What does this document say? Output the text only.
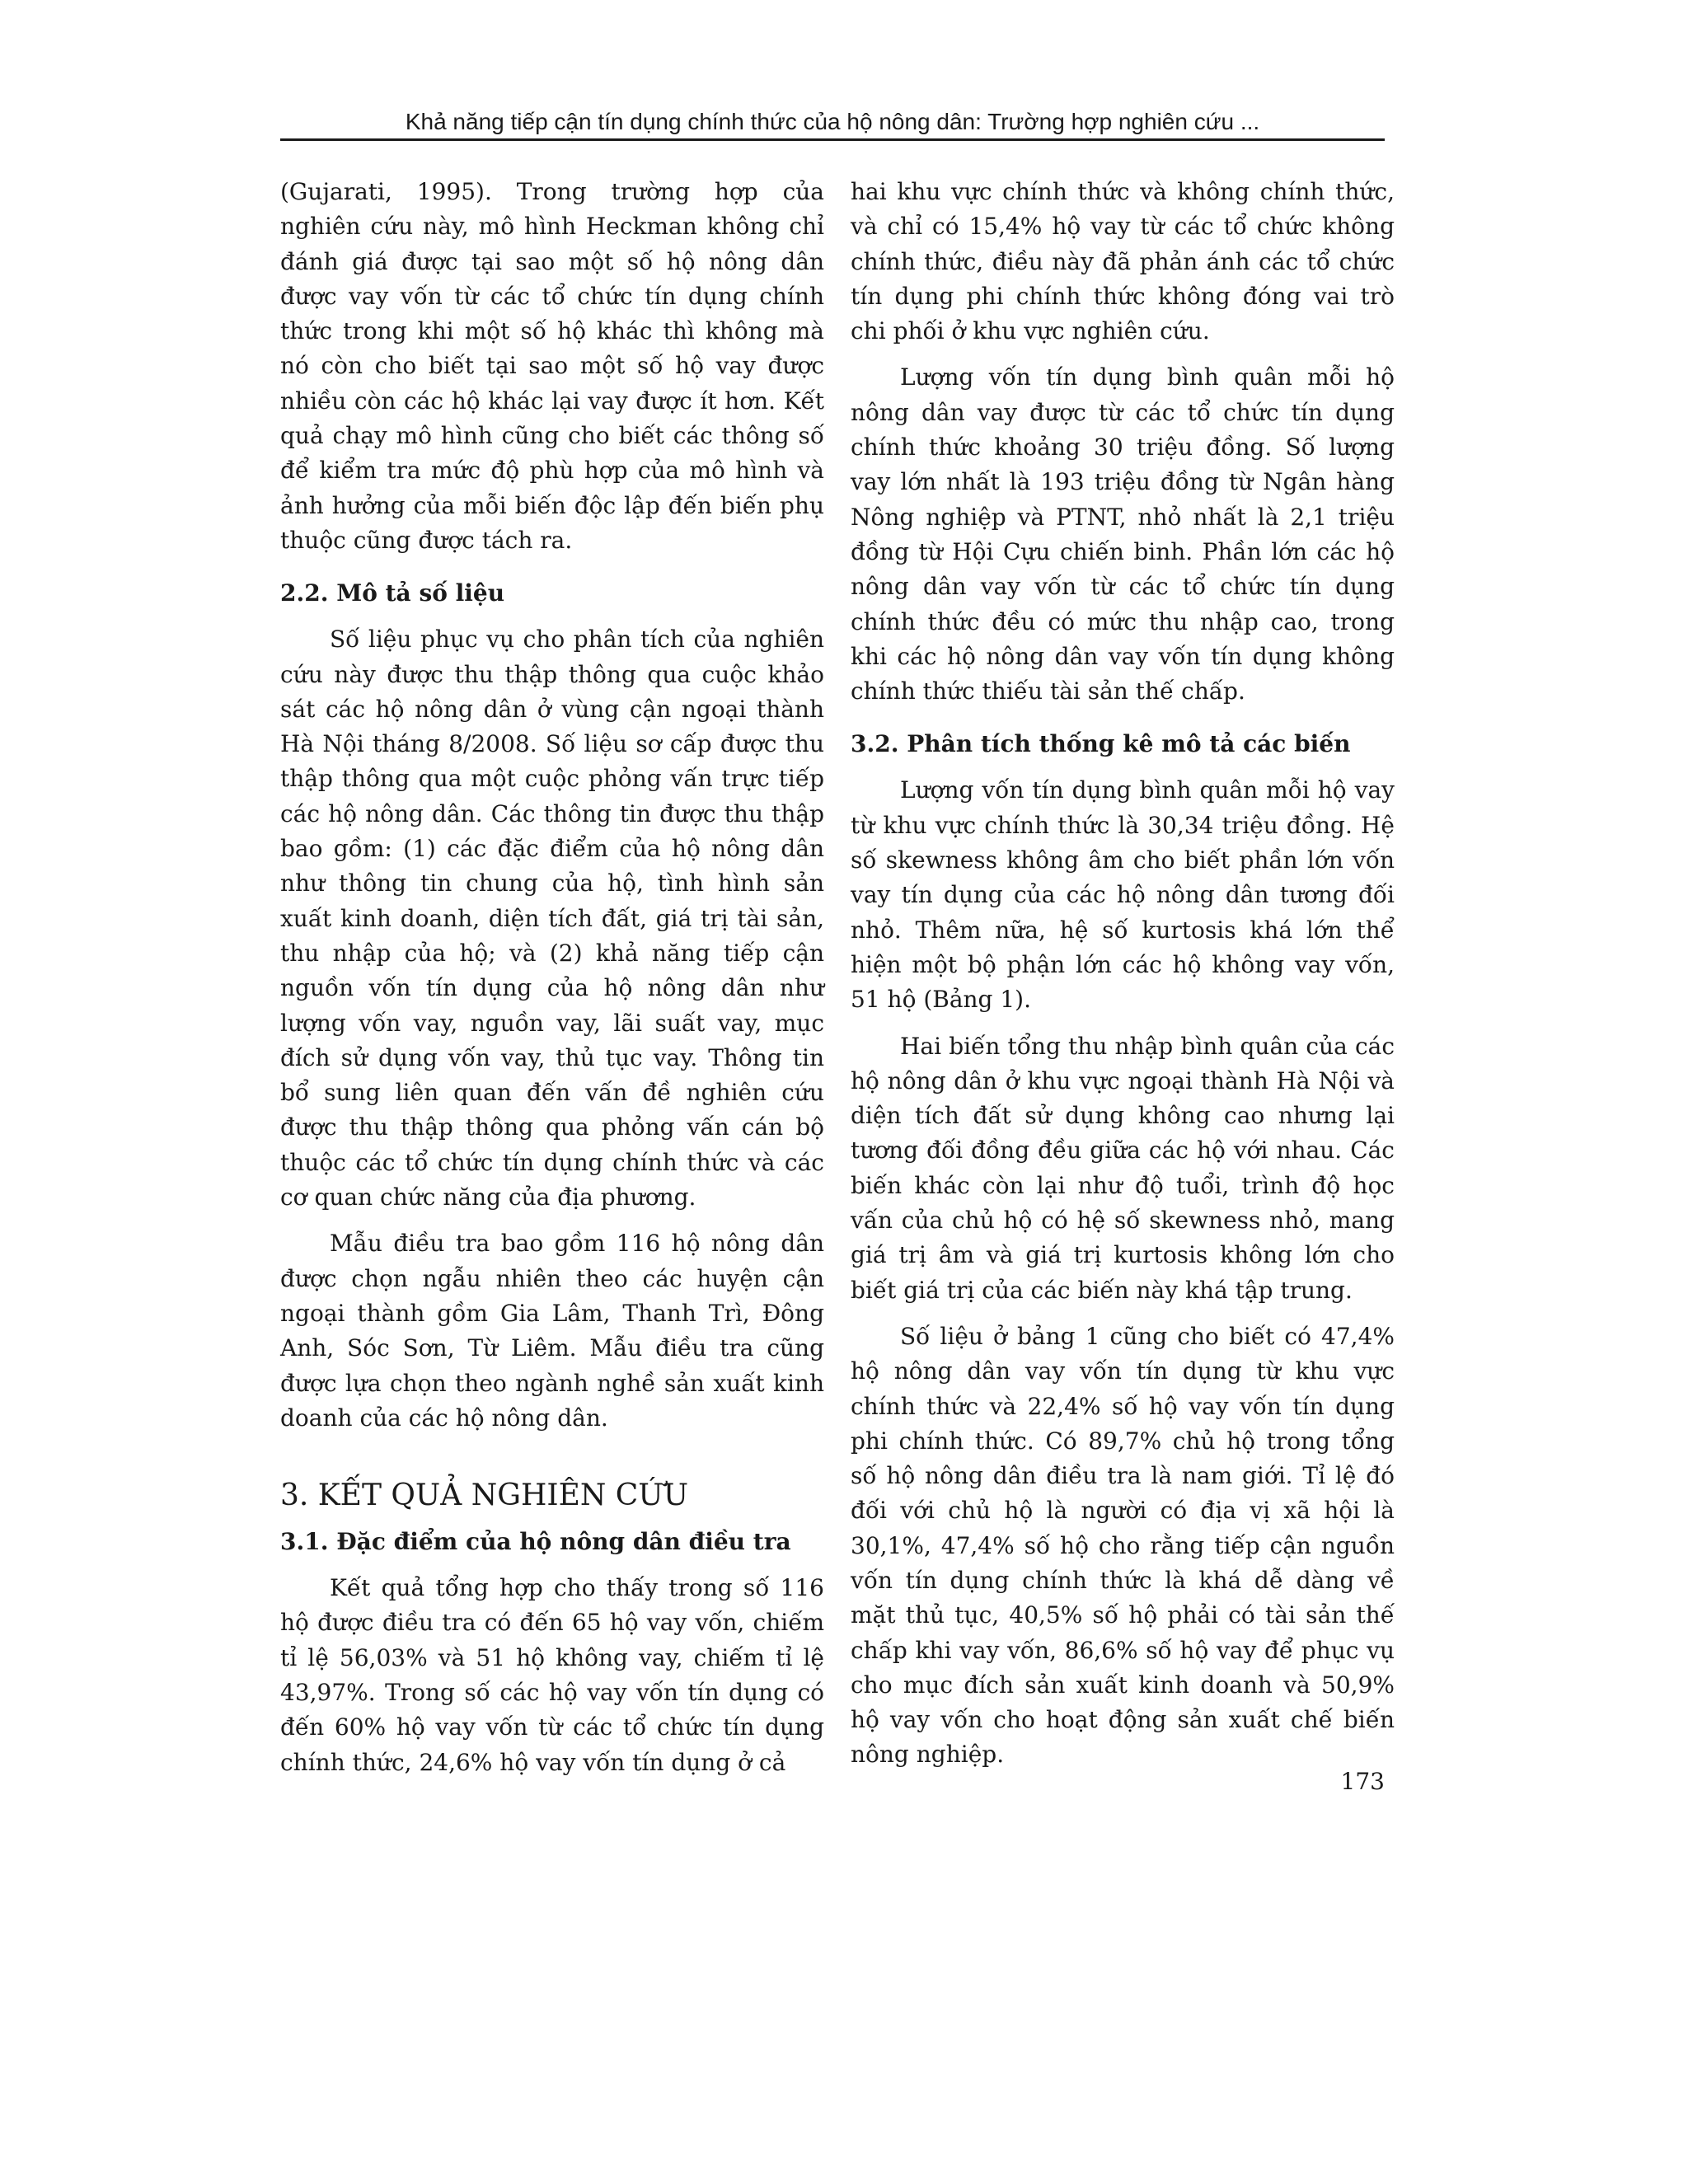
Khả năng tiếp cận tín dụng chính thức của hộ nông dân: Trường hợp nghiên cứu ...

(Gujarati, 1995). Trong trường hợp của nghiên cứu này, mô hình Heckman không chỉ đánh giá được tại sao một số hộ nông dân được vay vốn từ các tổ chức tín dụng chính thức trong khi một số hộ khác thì không mà nó còn cho biết tại sao một số hộ vay được nhiều còn các hộ khác lại vay được ít hơn. Kết quả chạy mô hình cũng cho biết các thông số để kiểm tra mức độ phù hợp của mô hình và ảnh hưởng của mỗi biến độc lập đến biến phụ thuộc cũng được tách ra.

2.2. Mô tả số liệu

Số liệu phục vụ cho phân tích của nghiên cứu này được thu thập thông qua cuộc khảo sát các hộ nông dân ở vùng cận ngoại thành Hà Nội tháng 8/2008. Số liệu sơ cấp được thu thập thông qua một cuộc phỏng vấn trực tiếp các hộ nông dân. Các thông tin được thu thập bao gồm: (1) các đặc điểm của hộ nông dân như thông tin chung của hộ, tình hình sản xuất kinh doanh, diện tích đất, giá trị tài sản, thu nhập của hộ; và (2) khả năng tiếp cận nguồn vốn tín dụng của hộ nông dân như lượng vốn vay, nguồn vay, lãi suất vay, mục đích sử dụng vốn vay, thủ tục vay. Thông tin bổ sung liên quan đến vấn đề nghiên cứu được thu thập thông qua phỏng vấn cán bộ thuộc các tổ chức tín dụng chính thức và các cơ quan chức năng của địa phương.

Mẫu điều tra bao gồm 116 hộ nông dân được chọn ngẫu nhiên theo các huyện cận ngoại thành gồm Gia Lâm, Thanh Trì, Đông Anh, Sóc Sơn, Từ Liêm. Mẫu điều tra cũng được lựa chọn theo ngành nghề sản xuất kinh doanh của các hộ nông dân.

3. KẾT QUẢ NGHIÊN CỨU
3.1. Đặc điểm của hộ nông dân điều tra

Kết quả tổng hợp cho thấy trong số 116 hộ được điều tra có đến 65 hộ vay vốn, chiếm tỉ lệ 56,03% và 51 hộ không vay, chiếm tỉ lệ 43,97%. Trong số các hộ vay vốn tín dụng có đến 60% hộ vay vốn từ các tổ chức tín dụng chính thức, 24,6% hộ vay vốn tín dụng ở cả

hai khu vực chính thức và không chính thức, và chỉ có 15,4% hộ vay từ các tổ chức không chính thức, điều này đã phản ánh các tổ chức tín dụng phi chính thức không đóng vai trò chi phối ở khu vực nghiên cứu.

Lượng vốn tín dụng bình quân mỗi hộ nông dân vay được từ các tổ chức tín dụng chính thức khoảng 30 triệu đồng. Số lượng vay lớn nhất là 193 triệu đồng từ Ngân hàng Nông nghiệp và PTNT, nhỏ nhất là 2,1 triệu đồng từ Hội Cựu chiến binh. Phần lớn các hộ nông dân vay vốn từ các tổ chức tín dụng chính thức đều có mức thu nhập cao, trong khi các hộ nông dân vay vốn tín dụng không chính thức thiếu tài sản thế chấp.

3.2. Phân tích thống kê mô tả các biến

Lượng vốn tín dụng bình quân mỗi hộ vay từ khu vực chính thức là 30,34 triệu đồng. Hệ số skewness không âm cho biết phần lớn vốn vay tín dụng của các hộ nông dân tương đối nhỏ. Thêm nữa, hệ số kurtosis khá lớn thể hiện một bộ phận lớn các hộ không vay vốn, 51 hộ (Bảng 1).

Hai biến tổng thu nhập bình quân của các hộ nông dân ở khu vực ngoại thành Hà Nội và diện tích đất sử dụng không cao nhưng lại tương đối đồng đều giữa các hộ với nhau. Các biến khác còn lại như độ tuổi, trình độ học vấn của chủ hộ có hệ số skewness nhỏ, mang giá trị âm và giá trị kurtosis không lớn cho biết giá trị của các biến này khá tập trung.

Số liệu ở bảng 1 cũng cho biết có 47,4% hộ nông dân vay vốn tín dụng từ khu vực chính thức và 22,4% số hộ vay vốn tín dụng phi chính thức. Có 89,7% chủ hộ trong tổng số hộ nông dân điều tra là nam giới. Tỉ lệ đó đối với chủ hộ là người có địa vị xã hội là 30,1%, 47,4% số hộ cho rằng tiếp cận nguồn vốn tín dụng chính thức là khá dễ dàng về mặt thủ tục, 40,5% số hộ phải có tài sản thế chấp khi vay vốn, 86,6% số hộ vay để phục vụ cho mục đích sản xuất kinh doanh và 50,9% hộ vay vốn cho hoạt động sản xuất chế biến nông nghiệp.

173
